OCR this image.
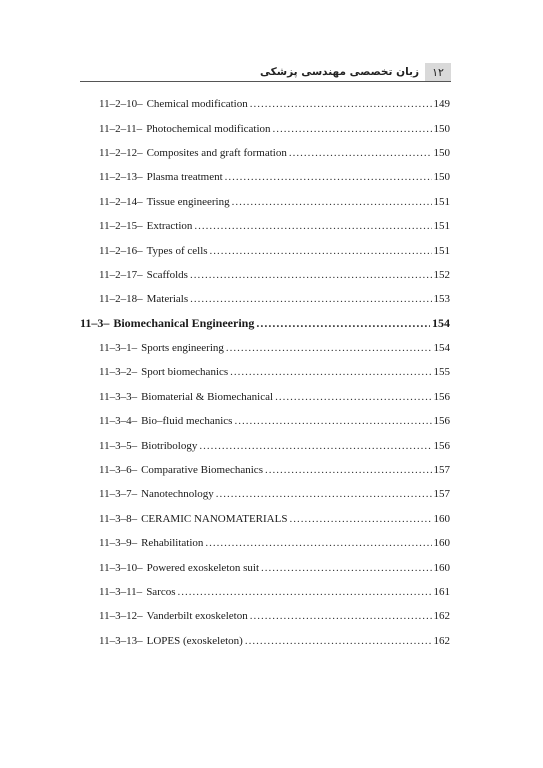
۱۲
زبان تخصصی مهندسی پزشکی
11–2–10– Chemical modification .....	149
11–2–11– Photochemical modification .....	150
11–2–12– Composites and graft formation .....	150
11–2–13– Plasma treatment .....	150
11–2–14– Tissue engineering .....	151
11–2–15– Extraction .....	151
11–2–16– Types of cells .....	151
11–2–17– Scaffolds .....	152
11–2–18– Materials .....	153
11–3– Biomechanical Engineering .....	154
11–3–1– Sports engineering .....	154
11–3–2– Sport biomechanics .....	155
11–3–3– Biomaterial & Biomechanical .....	156
11–3–4– Bio–fluid mechanics .....	156
11–3–5– Biotribology .....	156
11–3–6– Comparative Biomechanics .....	157
11–3–7– Nanotechnology .....	157
11–3–8– CERAMIC NANOMATERIALS .....	160
11–3–9– Rehabilitation .....	160
11–3–10– Powered exoskeleton suit .....	160
11–3–11– Sarcos .....	161
11–3–12– Vanderbilt exoskeleton .....	162
11–3–13– LOPES (exoskeleton) .....	162
